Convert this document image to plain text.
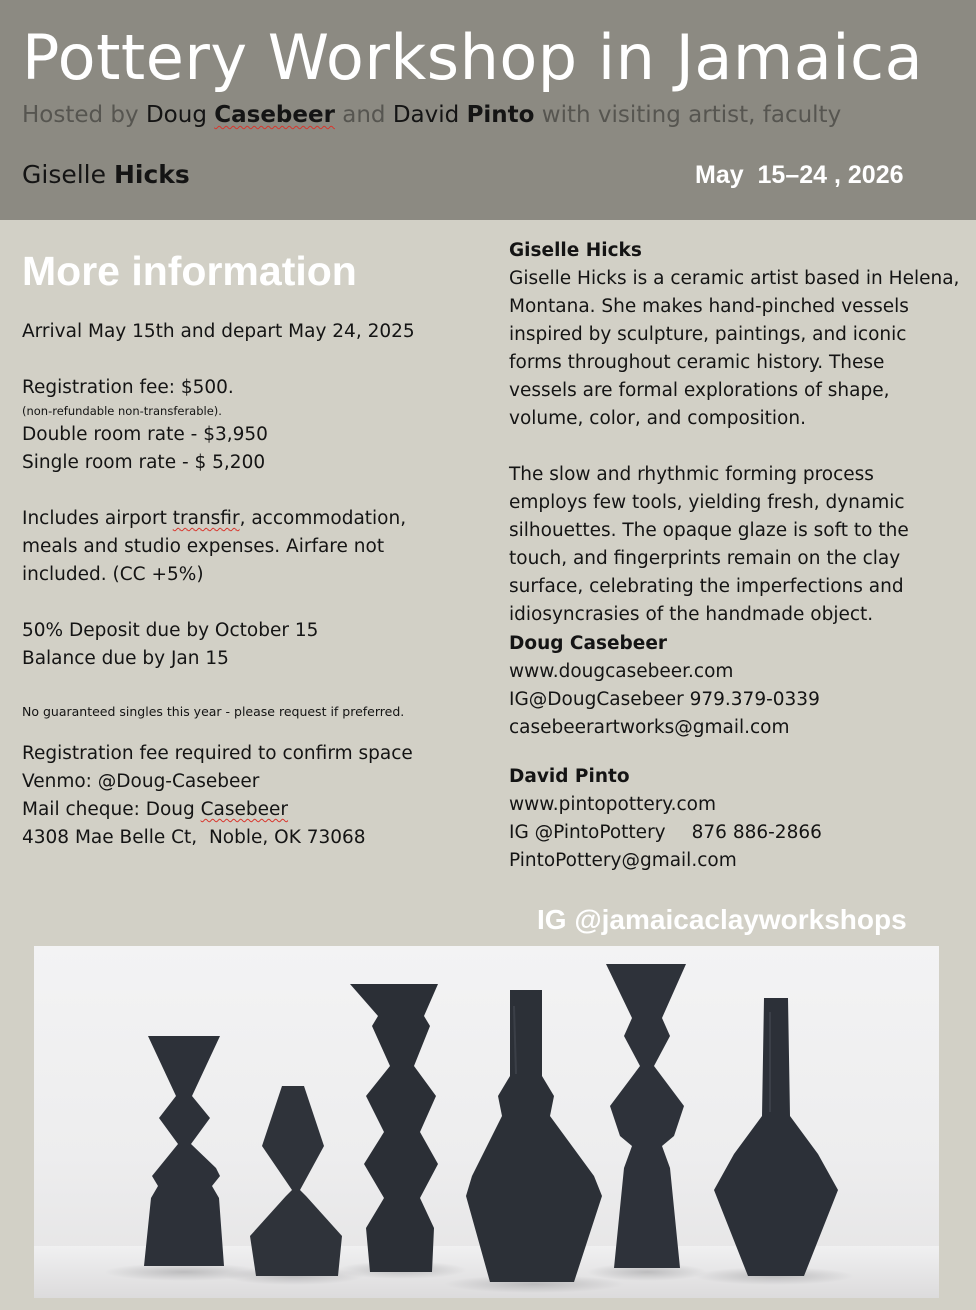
Pottery Workshop in Jamaica
Hosted by Doug Casebeer and David Pinto with visiting artist, faculty
Giselle Hicks	May  15–24 , 2026
More information
Arrival May 15th and depart May 24, 2025
Registration fee: $500.
(non-refundable non-transferable).
Double room rate - $3,950
Single room rate - $ 5,200
Includes airport transfir, accommodation,
meals and studio expenses. Airfare not
included. (CC +5%)
50% Deposit due by October 15
Balance due by Jan 15
No guaranteed singles this year - please request if preferred.
Registration fee required to confirm space
Venmo: @Doug-Casebeer
Mail cheque: Doug Casebeer
4308 Mae Belle Ct,  Noble, OK 73068
Giselle Hicks
Giselle Hicks is a ceramic artist based in Helena,
Montana. She makes hand-pinched vessels
inspired by sculpture, paintings, and iconic
forms throughout ceramic history. These
vessels are formal explorations of shape,
volume, color, and composition.
The slow and rhythmic forming process
employs few tools, yielding fresh, dynamic
silhouettes. The opaque glaze is soft to the
touch, and fingerprints remain on the clay
surface, celebrating the imperfections and
idiosyncrasies of the handmade object.
Doug Casebeer
www.dougcasebeer.com
IG@DougCasebeer 979.379-0339
casebeerartworks@gmail.com
David Pinto
www.pintopottery.com
IG @PintoPottery 876 886-2866
PintoPottery@gmail.com
IG @jamaicaclayworkshops
